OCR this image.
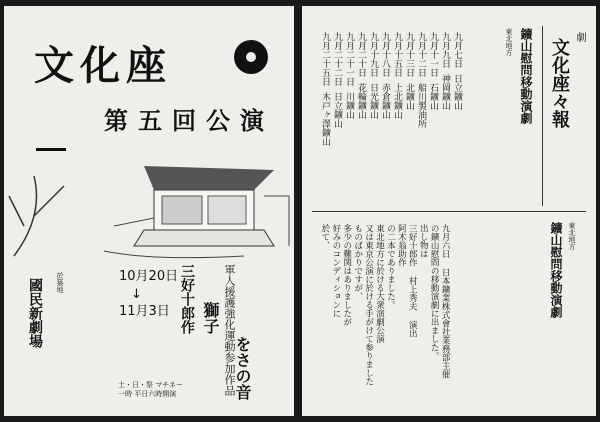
文化座
第五回公演
於築地
國民新劇場
10月20日
↓
11月3日 三好十郎作	軍人援護強化運動参加作品
をさの音
獅子
土・日・祭 マチネー
一時 平日六時開演
劇
文化座々報
鑛山慰問移動演劇
東北地方
九月七日日立鑛山
九月九日神岡鑛山
九月十一日石鑛山
九月十二日船川製油所
九月十三日北鑛山
九月十五日上北鑛山
九月十八日赤倉鑛山
九月十九日日光鑛山
九月二十日花輪鑛山
九月二十一日川鑛山
九月二十二日日立鑛山
九月二十五日木戸ヶ澤鑛山
鑛山慰問移動演劇 東北地方
九月六日 日本鑛業株式會社業務部主催
の鑛山慰問の移動演劇に出ました。
出し物は
三好十郎作 村上秀夫 演出
阿木翁助作
の二本でありました。
東北地方に於ける大衆演劇公演
又は東京公演に於ける手がけて参りました
ものばかりですが、
多少の難関はありましたが
好みのコンディションに
於て、
